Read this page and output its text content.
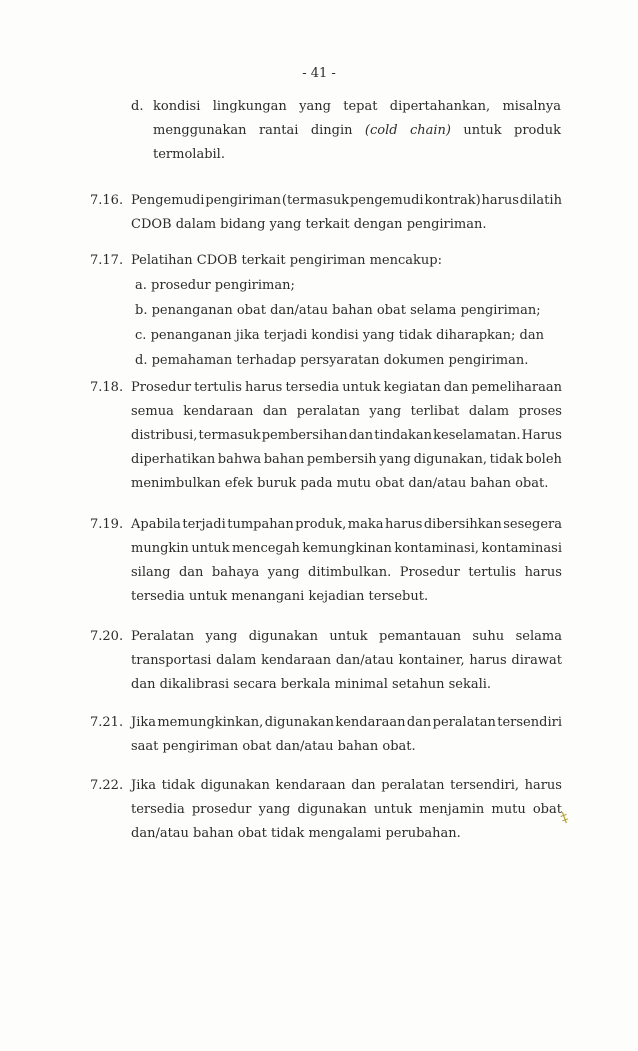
- 41 -
d. kondisi lingkungan yang tepat dipertahankan, misalnya
menggunakan rantai dingin (cold chain) untuk produk
termolabil.
7.16. Pengemudi pengiriman (termasuk pengemudi kontrak) harus dilatih
CDOB dalam bidang yang terkait dengan pengiriman.
7.17. Pelatihan CDOB terkait pengiriman mencakup:
a. prosedur pengiriman;
b. penanganan obat dan/atau bahan obat selama pengiriman;
c. penanganan jika terjadi kondisi yang tidak diharapkan; dan
d. pemahaman terhadap persyaratan dokumen pengiriman.
7.18. Prosedur tertulis harus tersedia untuk kegiatan dan pemeliharaan
semua kendaraan dan peralatan yang terlibat dalam proses
distribusi, termasuk pembersihan dan tindakan keselamatan. Harus
diperhatikan bahwa bahan pembersih yang digunakan, tidak boleh
menimbulkan efek buruk pada mutu obat dan/atau bahan obat.
7.19. Apabila terjadi tumpahan produk, maka harus dibersihkan sesegera
mungkin untuk mencegah kemungkinan kontaminasi, kontaminasi
silang dan bahaya yang ditimbulkan. Prosedur tertulis harus
tersedia untuk menangani kejadian tersebut.
7.20. Peralatan yang digunakan untuk pemantauan suhu selama
transportasi dalam kendaraan dan/atau kontainer, harus dirawat
dan dikalibrasi secara berkala minimal setahun sekali.
7.21. Jika memungkinkan, digunakan kendaraan dan peralatan tersendiri
saat pengiriman obat dan/atau bahan obat.
7.22. Jika tidak digunakan kendaraan dan peralatan tersendiri, harus
tersedia prosedur yang digunakan untuk menjamin mutu obat
dan/atau bahan obat tidak mengalami perubahan.
‡
